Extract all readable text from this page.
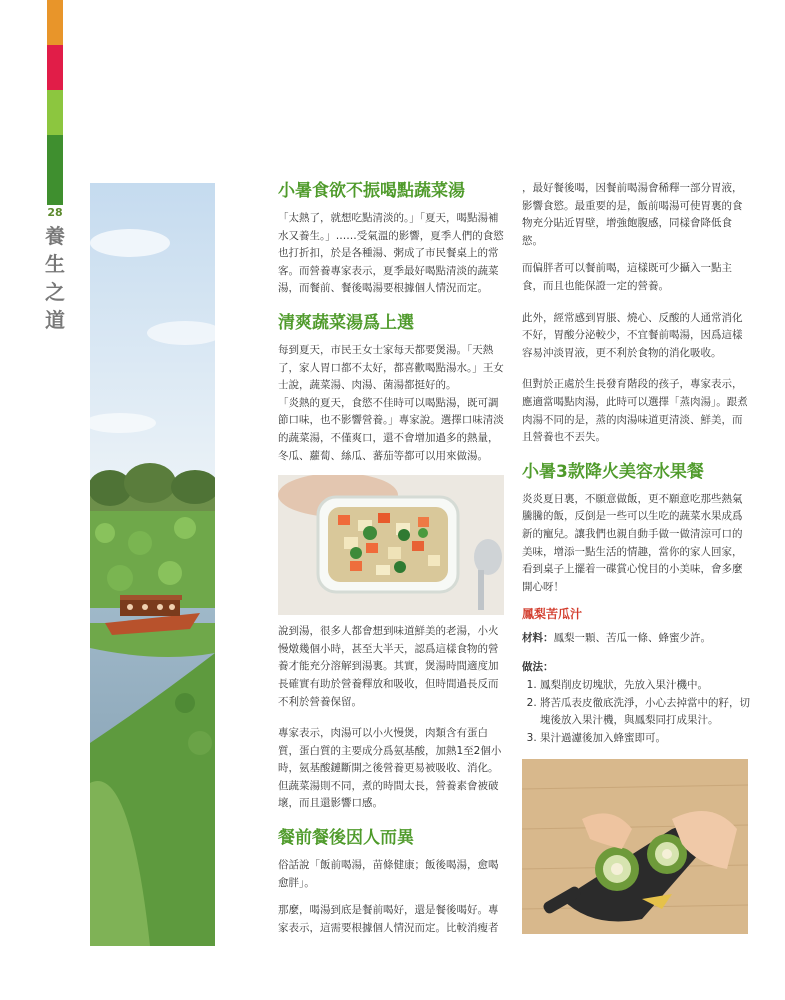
28
養生之道
小暑食欲不振喝點蔬菜湯

「太熱了，就想吃點清淡的。」「夏天，喝點湯補水又養生。」……受氣溫的影響，夏季人們的食慾也打折扣，於是各種湯、粥成了市民餐桌上的常客。而營養專家表示，夏季最好喝點清淡的蔬菜湯，而餐前、餐後喝湯要根據個人情況而定。

清爽蔬菜湯爲上選

每到夏天，市民王女士家每天都要煲湯。「天熱了，家人胃口都不太好，都喜歡喝點湯水。」王女士說，蔬菜湯、肉湯、菌湯都挺好的。

「炎熱的夏天，食慾不佳時可以喝點湯，既可調節口味，也不影響營養。」專家說。選擇口味清淡的蔬菜湯，不僅爽口，還不會增加過多的熱量，冬瓜、蘿蔔、絲瓜、蕃茄等都可以用來做湯。

說到湯，很多人都會想到味道鮮美的老湯，小火慢燉幾個小時，甚至大半天，認爲這樣食物的營養才能充分溶解到湯裏。其實，煲湯時間適度加長確實有助於營養釋放和吸收，但時間過長反而不利於營養保留。

專家表示，肉湯可以小火慢煲，肉類含有蛋白質，蛋白質的主要成分爲氨基酸，加熱1至2個小時，氨基酸鏈斷開之後營養更易被吸收、消化。但蔬菜湯則不同，煮的時間太長，營養素會被破壞，而且還影響口感。

餐前餐後因人而異

俗話說「飯前喝湯，苗條健康；飯後喝湯，愈喝愈胖」。

那麼，喝湯到底是餐前喝好，還是餐後喝好。專家表示，這需要根據個人情況而定。比較消瘦者

，最好餐後喝，因餐前喝湯會稀釋一部分胃液，影響食慾。最重要的是，飯前喝湯可使胃裏的食物充分貼近胃壁，增強飽腹感，同樣會降低食慾。

而偏胖者可以餐前喝，這樣既可少攝入一點主食，而且也能保證一定的營養。

此外，經常感到胃脹、燒心、反酸的人通常消化不好，胃酸分泌較少，不宜餐前喝湯，因爲這樣容易沖淡胃液，更不利於食物的消化吸收。

但對於正處於生長發育階段的孩子，專家表示，應適當喝點肉湯，此時可以選擇「蒸肉湯」。跟煮肉湯不同的是，蒸的肉湯味道更清淡、鮮美，而且營養也不丟失。

小暑3款降火美容水果餐

炎炎夏日裏，不願意做飯，更不願意吃那些熱氣騰騰的飯，反倒是一些可以生吃的蔬菜水果成爲新的寵兒。讓我們也親自動手做一做清涼可口的美味，增添一點生活的情趣，當你的家人回家，看到桌子上擺着一碟賞心悅目的小美味，會多麼開心呀！

鳳梨苦瓜汁

材料：鳳梨一顆、苦瓜一條、蜂蜜少許。

做法：
1. 鳳梨削皮切塊狀，先放入果汁機中。
2. 將苦瓜表皮徹底洗淨，小心去掉當中的籽，切塊後放入果汁機，與鳳梨同打成果汁。
3. 果汁過濾後加入蜂蜜即可。
